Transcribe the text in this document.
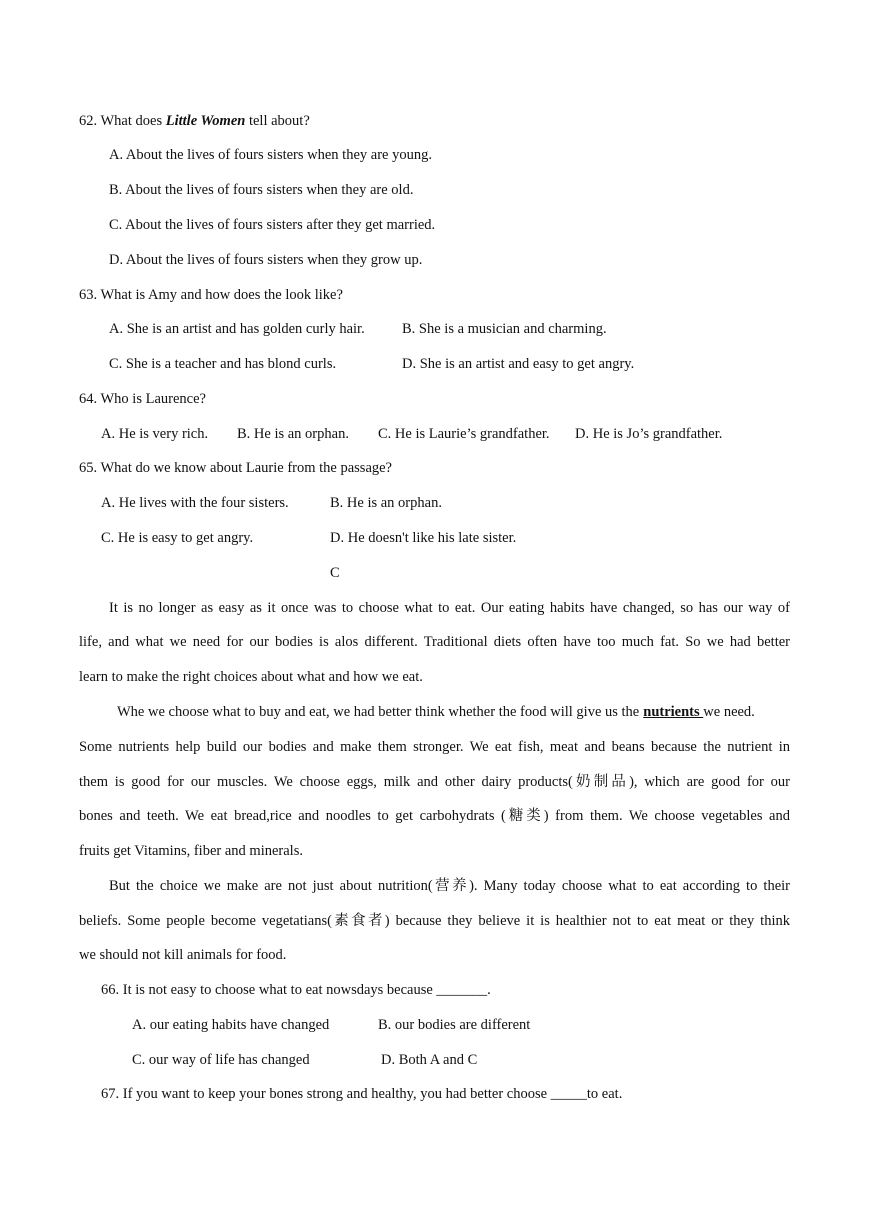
62. What does Little Women tell about?
A. About the lives of fours sisters when they are young.
B. About the lives of fours sisters when they are old.
C. About the lives of fours sisters after they get married.
D. About the lives of fours sisters when they grow up.
63. What is Amy and how does the look like?
A. She is an artist and has golden curly hair.	B. She is a musician and charming.
C. She is a teacher and has blond curls.	D. She is an artist and easy to get angry.
64. Who is Laurence?
A. He is very rich. B. He is an orphan. C. He is Laurie’s grandfather. D. He is Jo’s grandfather.
65. What do we know about Laurie from the passage?
A. He lives with the four sisters.	B. He is an orphan.
C. He is easy to get angry.	D. He doesn't like his late sister.
C
It is no longer as easy as it once was to choose what to eat. Our eating habits have changed, so has our way of
life, and what we need for our bodies is alos different. Traditional diets often have too much fat. So we had better
learn to make the right choices about what and how we eat.
Whe we choose what to buy and eat, we had better think whether the food will give us the nutrients we need.
Some nutrients help build our bodies and make them stronger. We eat fish, meat and beans because the nutrient in
them is good for our muscles. We choose eggs, milk and other dairy products(奶制品), which are good for our
bones and teeth. We eat bread,rice and noodles to get carbohydrats (糖类) from them. We choose vegetables and
fruits get Vitamins, fiber and minerals.
But the choice we make are not just about nutrition(营养). Many today choose what to eat according to their
beliefs. Some people become vegetatians(素食者) because they believe it is healthier not to eat meat or they think
we should not kill animals for food.
66. It is not easy to choose what to eat nowsdays because _______.
A. our eating habits have changed	B. our bodies are different
C. our way of life has changed	D. Both A and C
67. If you want to keep your bones strong and healthy, you had better choose _____to eat.
